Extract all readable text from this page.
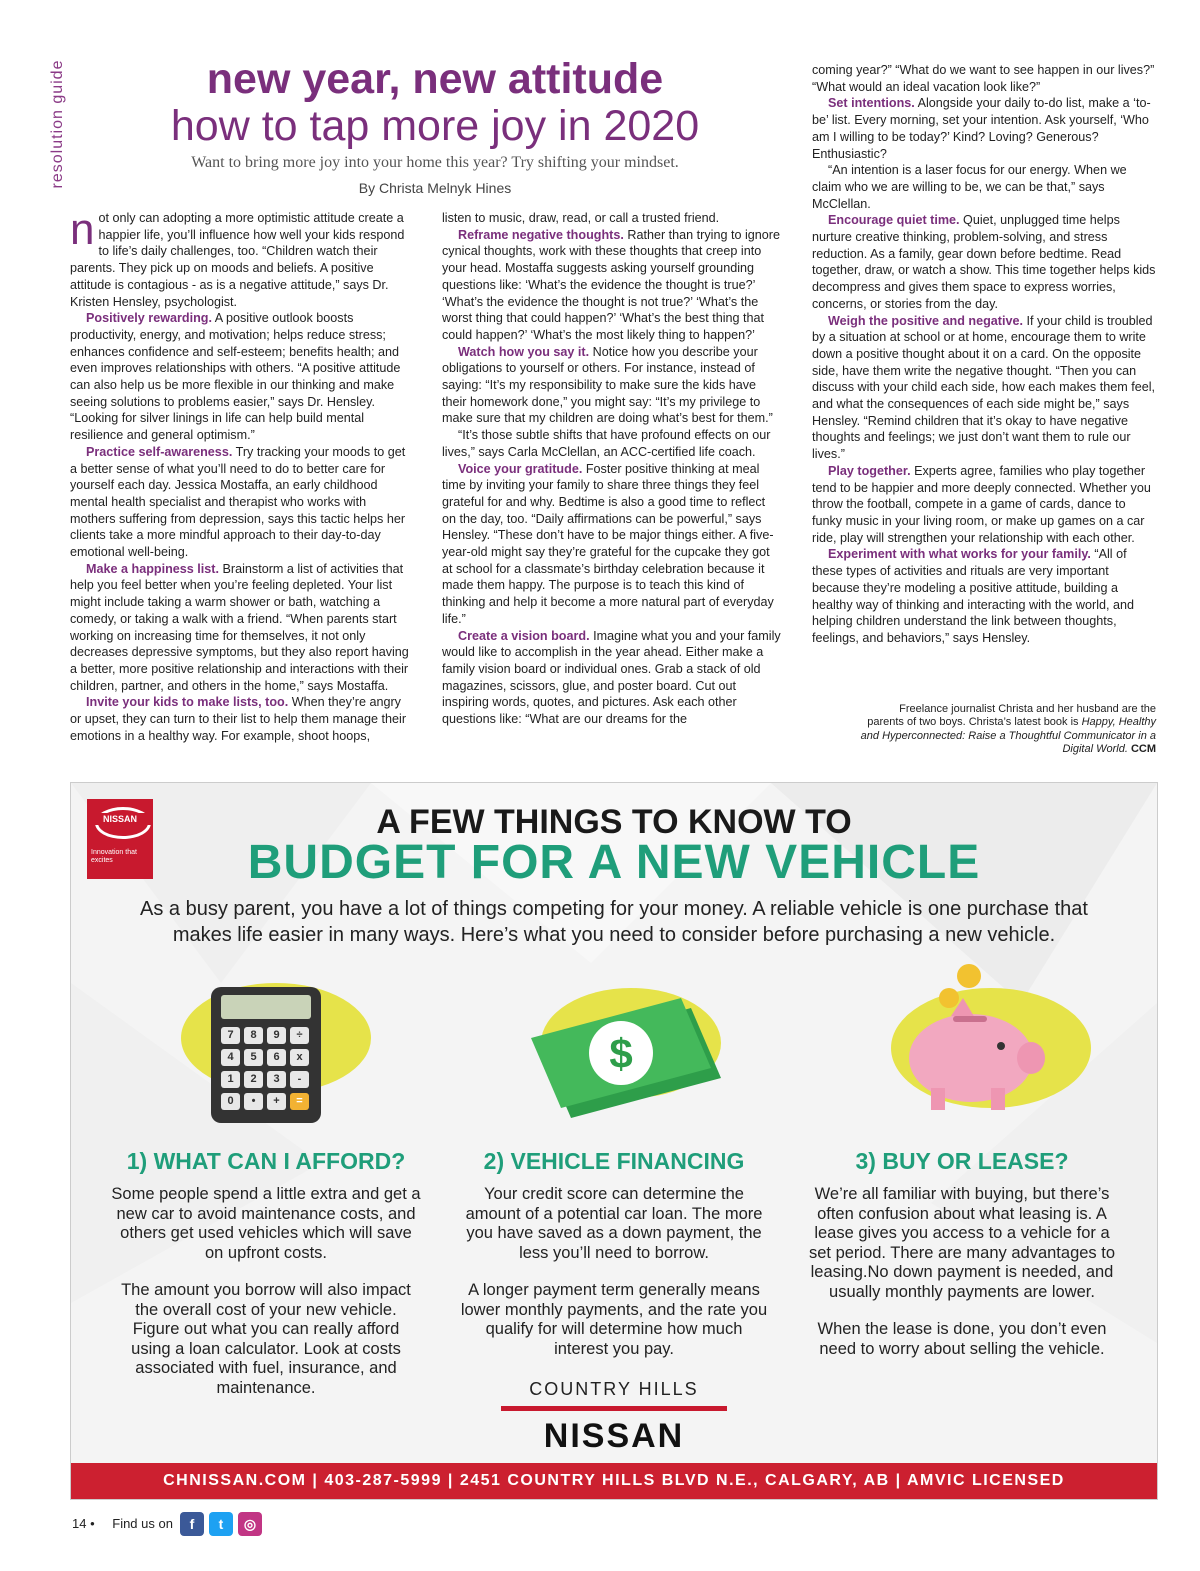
resolution guide	new year, new attitude
how to tap more joy in 2020
Want to bring more joy into your home this year? Try shifting your mindset.
By Christa Melnyk Hines

not only can adopting a more optimistic attitude create a happier life, you’ll influence how well your kids respond to life’s daily challenges, too. “Children watch their parents. They pick up on moods and beliefs. A positive attitude is contagious - as is a negative attitude,” says Dr. Kristen Hensley, psychologist.

Positively rewarding. A positive outlook boosts productivity, energy, and motivation; helps reduce stress; enhances confidence and self-esteem; benefits health; and even improves relationships with others. “A positive attitude can also help us be more flexible in our thinking and make seeing solutions to problems easier,” says Dr. Hensley. “Looking for silver linings in life can help build mental resilience and general optimism.”

Practice self-awareness. Try tracking your moods to get a better sense of what you’ll need to do to better care for yourself each day. Jessica Mostaffa, an early childhood mental health specialist and therapist who works with mothers suffering from depression, says this tactic helps her clients take a more mindful approach to their day-to-day emotional well-being.

Make a happiness list. Brainstorm a list of activities that help you feel better when you’re feeling depleted. Your list might include taking a warm shower or bath, watching a comedy, or taking a walk with a friend. “When parents start working on increasing time for themselves, it not only decreases depressive symptoms, but they also report having a better, more positive relationship and interactions with their children, partner, and others in the home,” says Mostaffa.

Invite your kids to make lists, too. When they’re angry or upset, they can turn to their list to help them manage their emotions in a healthy way. For example, shoot hoops,

listen to music, draw, read, or call a trusted friend.

Reframe negative thoughts. Rather than trying to ignore cynical thoughts, work with these thoughts that creep into your head. Mostaffa suggests asking yourself grounding questions like: ‘What’s the evidence the thought is true?’ ‘What’s the evidence the thought is not true?’ ‘What’s the worst thing that could happen?’ ‘What’s the best thing that could happen?’ ‘What’s the most likely thing to happen?’

Watch how you say it. Notice how you describe your obligations to yourself or others. For instance, instead of saying: “It’s my responsibility to make sure the kids have their homework done,” you might say: “It’s my privilege to make sure that my children are doing what’s best for them.”

“It’s those subtle shifts that have profound effects on our lives,” says Carla McClellan, an ACC-certified life coach.

Voice your gratitude. Foster positive thinking at meal time by inviting your family to share three things they feel grateful for and why. Bedtime is also a good time to reflect on the day, too. “Daily affirmations can be powerful,” says Hensley. “These don’t have to be major things either. A five-year-old might say they’re grateful for the cupcake they got at school for a classmate’s birthday celebration because it made them happy. The purpose is to teach this kind of thinking and help it become a more natural part of everyday life.”

Create a vision board. Imagine what you and your family would like to accomplish in the year ahead. Either make a family vision board or individual ones. Grab a stack of old magazines, scissors, glue, and poster board. Cut out inspiring words, quotes, and pictures. Ask each other questions like: “What are our dreams for the

coming year?” “What do we want to see happen in our lives?” “What would an ideal vacation look like?”

Set intentions. Alongside your daily to-do list, make a ‘to-be’ list. Every morning, set your intention. Ask yourself, ‘Who am I willing to be today?’ Kind? Loving? Generous? Enthusiastic?

“An intention is a laser focus for our energy. When we claim who we are willing to be, we can be that,” says McClellan.

Encourage quiet time. Quiet, unplugged time helps nurture creative thinking, problem-solving, and stress reduction. As a family, gear down before bedtime. Read together, draw, or watch a show. This time together helps kids decompress and gives them space to express worries, concerns, or stories from the day.

Weigh the positive and negative. If your child is troubled by a situation at school or at home, encourage them to write down a positive thought about it on a card. On the opposite side, have them write the negative thought. “Then you can discuss with your child each side, how each makes them feel, and what the consequences of each side might be,” says Hensley. “Remind children that it’s okay to have negative thoughts and feelings; we just don’t want them to rule our lives.”

Play together. Experts agree, families who play together tend to be happier and more deeply connected. Whether you throw the football, compete in a game of cards, dance to funky music in your living room, or make up games on a car ride, play will strengthen your relationship with each other.

Experiment with what works for your family. “All of these types of activities and rituals are very important because they’re modeling a positive attitude, building a healthy way of thinking and interacting with the world, and helping children understand the link between thoughts, feelings, and behaviors,” says Hensley.

Freelance journalist Christa and her husband are the parents of two boys. Christa’s latest book is Happy, Healthy and Hyperconnected: Raise a Thoughtful Communicator in a Digital World. CCM
NISSAN
Innovation that excites
A FEW THINGS TO KNOW TO
BUDGET FOR A NEW VEHICLE
As a busy parent, you have a lot of things competing for your money. A reliable vehicle is one purchase that makes life easier in many ways. Here’s what you need to consider before purchasing a new vehicle.
7	8	9	÷
4	5	6	x
1	2	3	-
0	•	+	=
$
1) WHAT CAN I AFFORD?

Some people spend a little extra and get a new car to avoid maintenance costs, and others get used vehicles which will save on upfront costs.

The amount you borrow will also impact the overall cost of your new vehicle. Figure out what you can really afford using a loan calculator. Look at costs associated with fuel, insurance, and maintenance.

2) VEHICLE FINANCING

Your credit score can determine the amount of a potential car loan. The more you have saved as a down payment, the less you’ll need to borrow.

A longer payment term generally means lower monthly payments, and the rate you qualify for will determine how much interest you pay.

3) BUY OR LEASE?

We’re all familiar with buying, but there’s often confusion about what leasing is. A lease gives you access to a vehicle for a set period. There are many advantages to leasing.No down payment is needed, and usually monthly payments are lower.

When the lease is done, you don’t even need to worry about selling the vehicle.

COUNTRY HILLS
NISSAN
CHNISSAN.COM | 403-287-5999 | 2451 COUNTRY HILLS BLVD N.E., CALGARY, AB | AMVIC LICENSED
14 • Find us on	f	t	◎
